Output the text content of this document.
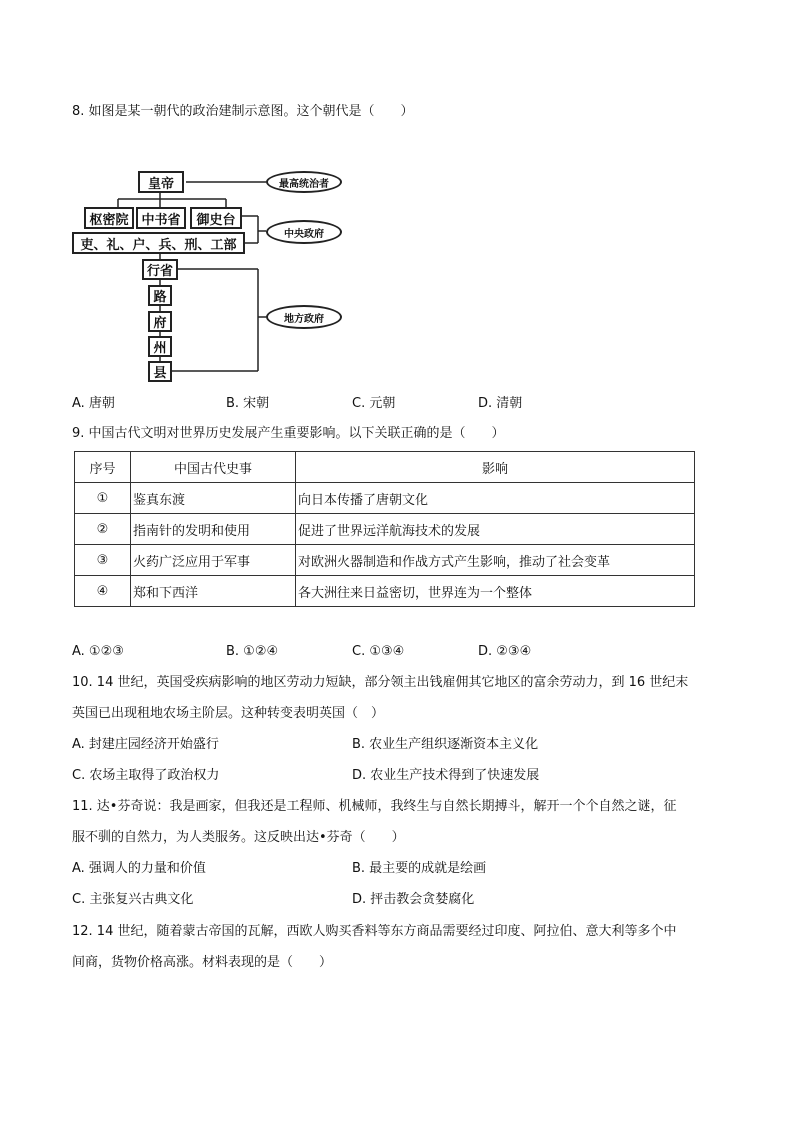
8. 如图是某一朝代的政治建制示意图。这个朝代是（　　）
皇帝	最高统治者
枢密院 中书省	御史台
吏、礼、户、兵、刑、工部
中央政府
行省
路
府
州
县
地方政府
A. 唐朝	B. 宋朝	C. 元朝	D. 清朝
9. 中国古代文明对世界历史发展产生重要影响。以下关联正确的是（　　）
序号	中国古代史事	影响
①	鉴真东渡	向日本传播了唐朝文化
②	指南针的发明和使用	促进了世界远洋航海技术的发展
③	火药广泛应用于军事	对欧洲火器制造和作战方式产生影响，推动了社会变革
④	郑和下西洋	各大洲往来日益密切，世界连为一个整体
A. ①②③	B. ①②④	C. ①③④	D. ②③④
10. 14 世纪，英国受疾病影响的地区劳动力短缺，部分领主出钱雇佣其它地区的富余劳动力，到 16 世纪末
英国已出现租地农场主阶层。这种转变表明英国（　）
A. 封建庄园经济开始盛行	B. 农业生产组织逐渐资本主义化
C. 农场主取得了政治权力	D. 农业生产技术得到了快速发展
11. 达•芬奇说：我是画家，但我还是工程师、机械师，我终生与自然长期搏斗，解开一个个自然之谜，征
服不驯的自然力，为人类服务。这反映出达•芬奇（　　）
A. 强调人的力量和价值	B. 最主要的成就是绘画
C. 主张复兴古典文化	D. 抨击教会贪婪腐化
12. 14 世纪，随着蒙古帝国的瓦解，西欧人购买香料等东方商品需要经过印度、阿拉伯、意大利等多个中
间商，货物价格高涨。材料表现的是（　　）
